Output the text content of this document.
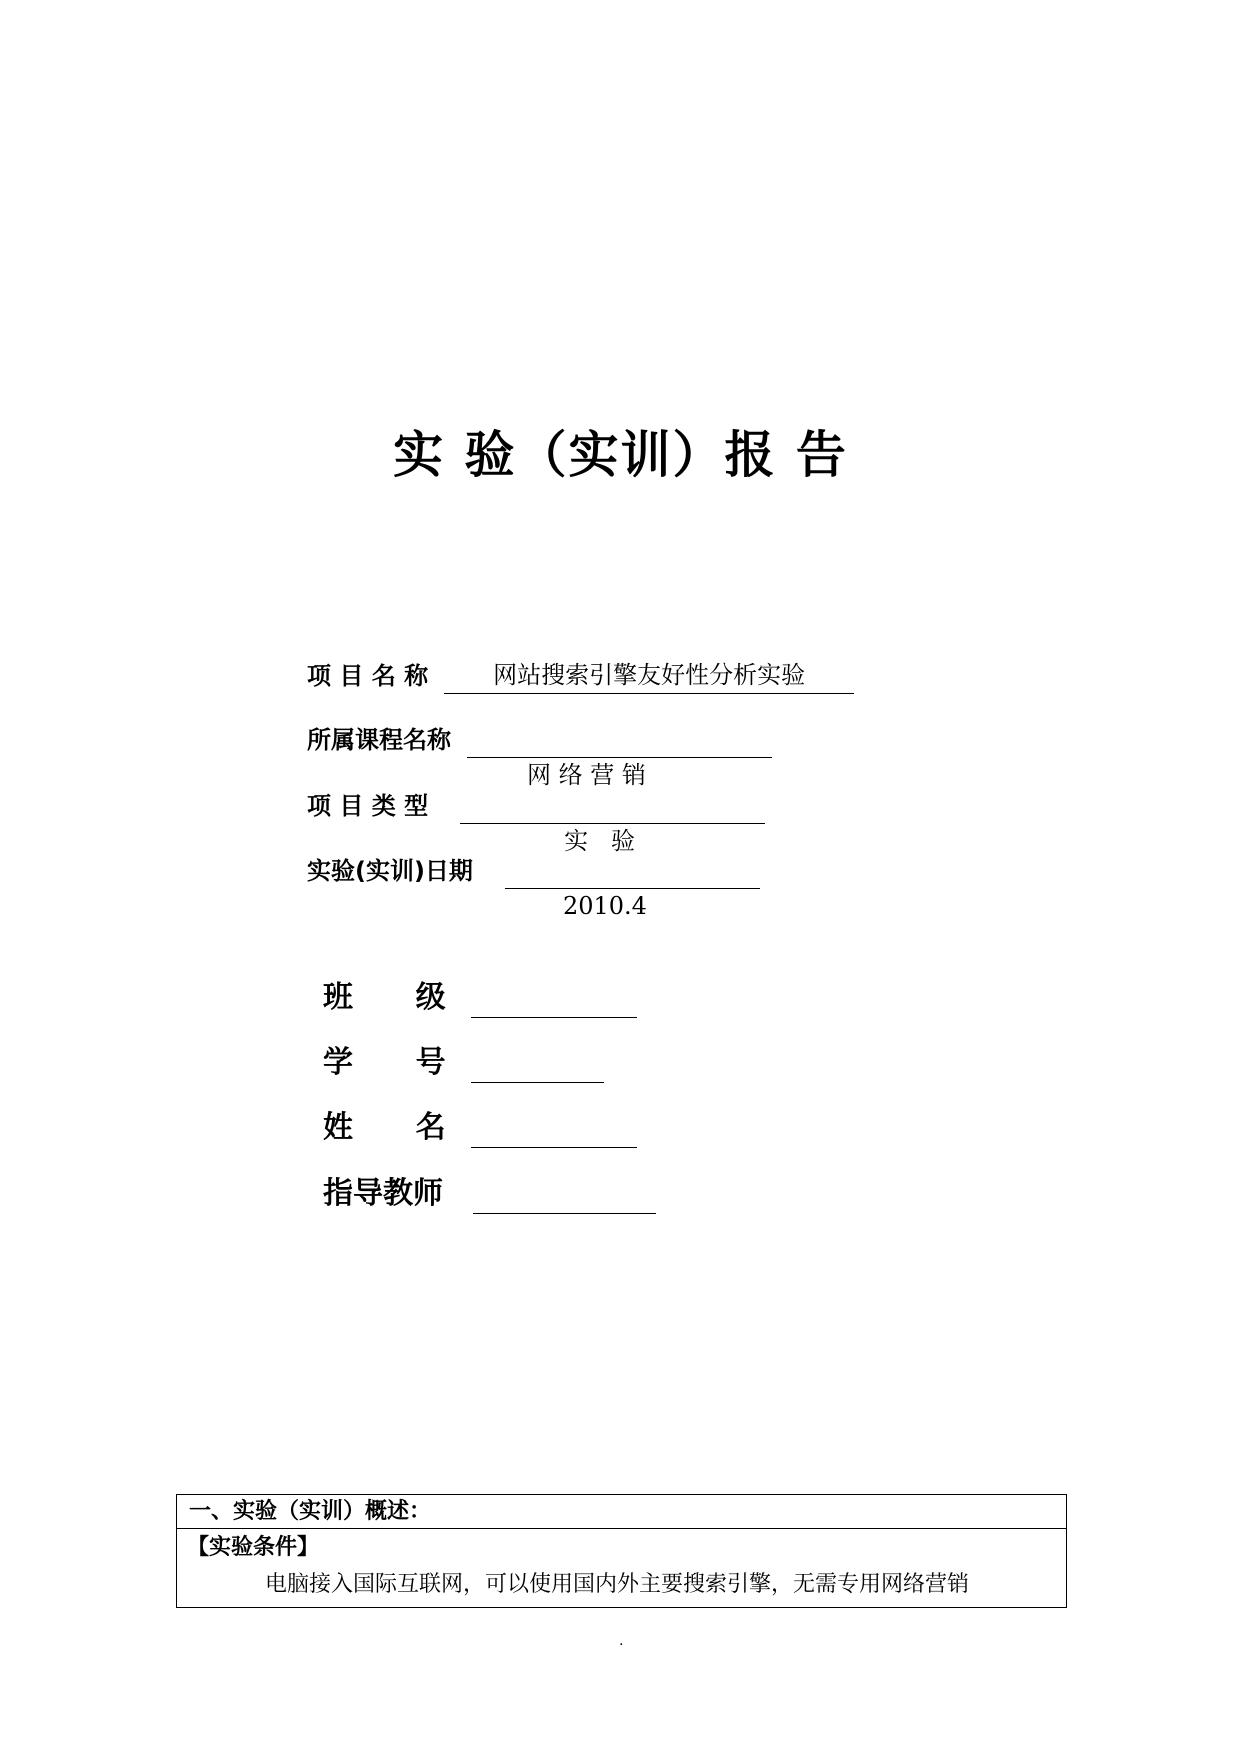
实 验（实训）报 告
项 目 名 称	网站搜索引擎友好性分析实验
所属课程名称

网 络 营 销

项 目 类 型

实   验

实验(实训)日期

2010.4

班      级
学      号
姓      名
指导教师
一、实验（实训）概述：
【实验条件】
电脑接入国际互联网，可以使用国内外主要搜索引擎，无需专用网络营销
.
